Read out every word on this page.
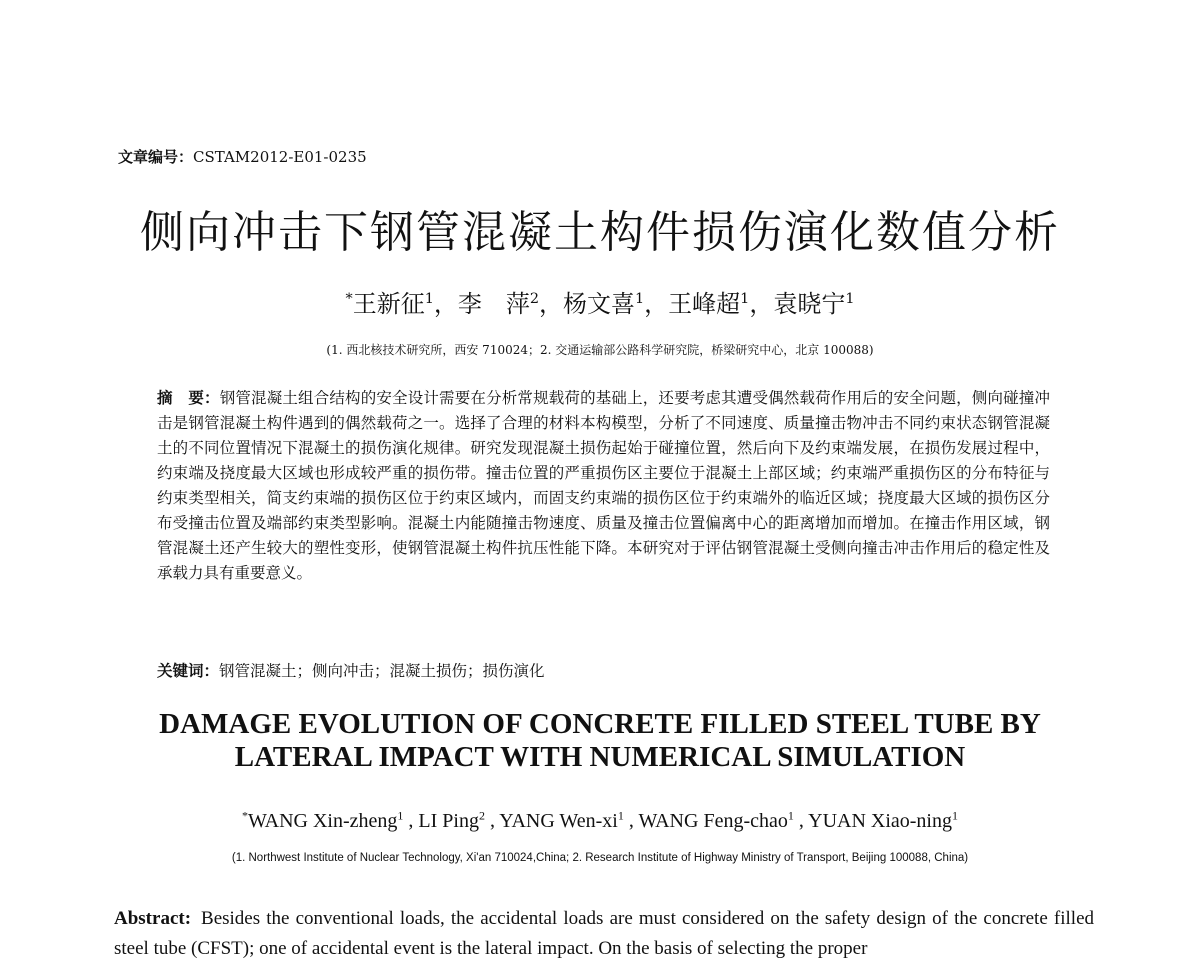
文章编号：CSTAM2012-E01-0235
侧向冲击下钢管混凝土构件损伤演化数值分析
*王新征$^1$，李　萍$^2$，杨文喜$^1$，王峰超$^1$，袁晓宁$^1$
(1. 西北核技术研究所，西安 710024；2. 交通运输部公路科学研究院，桥梁研究中心，北京 100088)
摘　要：钢管混凝土组合结构的安全设计需要在分析常规载荷的基础上，还要考虑其遭受偶然载荷作用后的安全问题，侧向碰撞冲击是钢管混凝土构件遇到的偶然载荷之一。选择了合理的材料本构模型，分析了不同速度、质量撞击物冲击不同约束状态钢管混凝土的不同位置情况下混凝土的损伤演化规律。研究发现混凝土损伤起始于碰撞位置，然后向下及约束端发展，在损伤发展过程中，约束端及挠度最大区域也形成较严重的损伤带。撞击位置的严重损伤区主要位于混凝土上部区域；约束端严重损伤区的分布特征与约束类型相关，简支约束端的损伤区位于约束区域内，而固支约束端的损伤区位于约束端外的临近区域；挠度最大区域的损伤区分布受撞击位置及端部约束类型影响。混凝土内能随撞击物速度、质量及撞击位置偏离中心的距离增加而增加。在撞击作用区域，钢管混凝土还产生较大的塑性变形，使钢管混凝土构件抗压性能下降。本研究对于评估钢管混凝土受侧向撞击冲击作用后的稳定性及承载力具有重要意义。
关键词：钢管混凝土；侧向冲击；混凝土损伤；损伤演化
DAMAGE EVOLUTION OF CONCRETE FILLED STEEL TUBE BY
LATERAL IMPACT WITH NUMERICAL SIMULATION
*WANG Xin-zheng$^1$ , LI Ping$^2$ , YANG Wen-$xi^1$ , WANG Feng-chao$^1$ , YUAN Xiao-ning$^1$
(1. Northwest Institute of Nuclear Technology, Xi'an 710024,China; 2. Research Institute of Highway Ministry of Transport, Beijing 100088, China)
Abstract: Besides the conventional loads, the accidental loads are must considered on the safety design of the concrete filled steel tube (CFST); one of accidental event is the lateral impact. On the basis of selecting the proper
